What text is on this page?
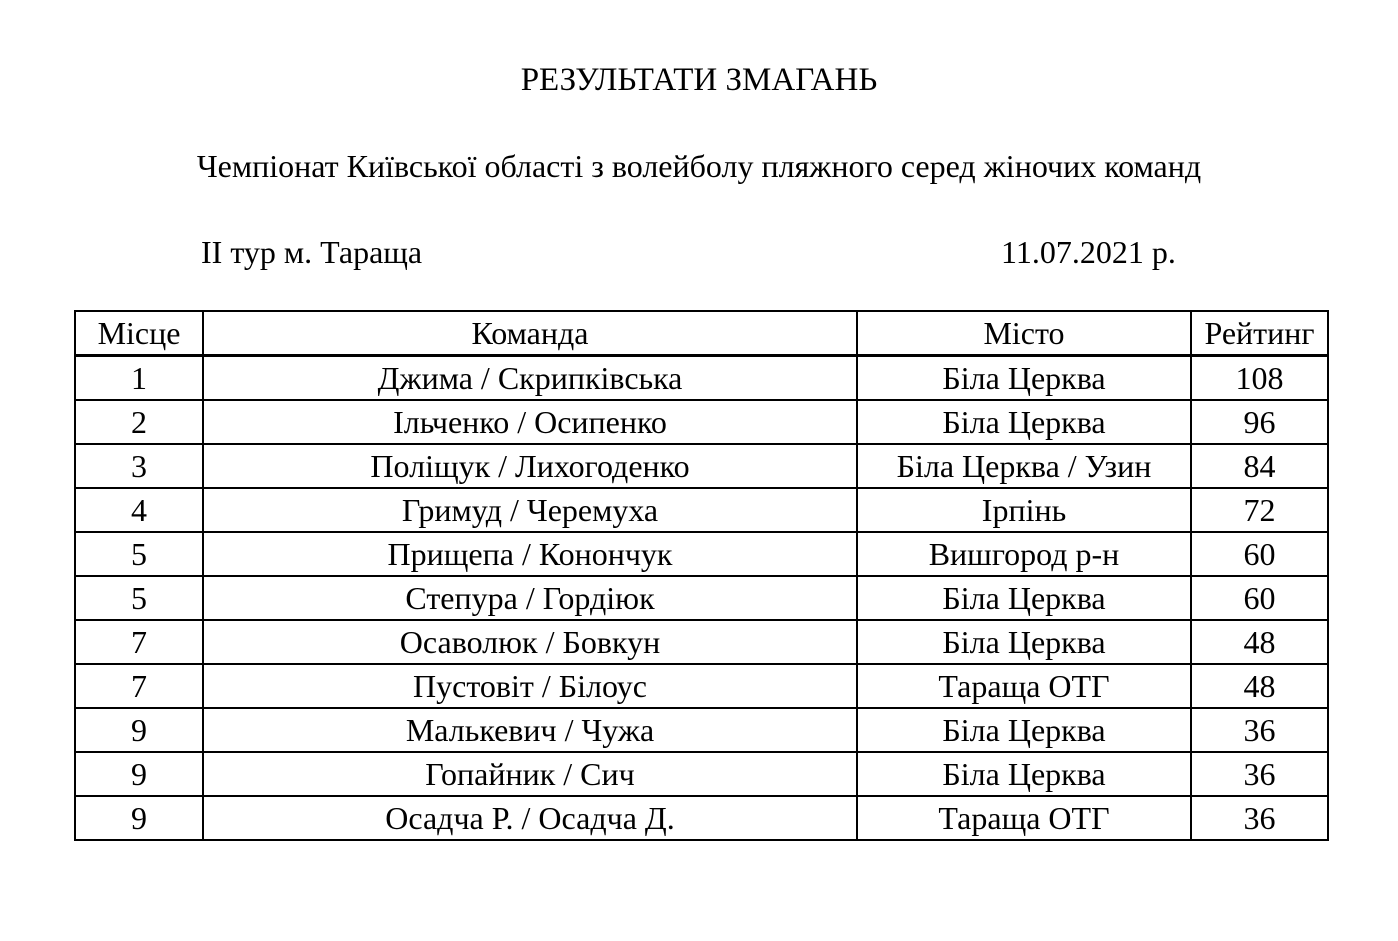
РЕЗУЛЬТАТИ ЗМАГАНЬ
Чемпіонат Київської області з волейболу пляжного серед жіночих команд
ІІ тур м. Тараща	11.07.2021 р.
Місце	Команда	Місто	Рейтинг
1	Джима / Скрипківська	Біла Церква	108
2	Ільченко / Осипенко	Біла Церква	96
3	Поліщук / Лихогоденко	Біла Церква / Узин	84
4	Гримуд / Черемуха	Ірпінь	72
5	Прищепа / Конончук	Вишгород р-н	60
5	Степура / Гордіюк	Біла Церква	60
7	Осаволюк / Бовкун	Біла Церква	48
7	Пустовіт / Білоус	Тараща ОТГ	48
9	Малькевич / Чужа	Біла Церква	36
9	Гопайник / Сич	Біла Церква	36
9	Осадча Р. / Осадча Д.	Тараща ОТГ	36
